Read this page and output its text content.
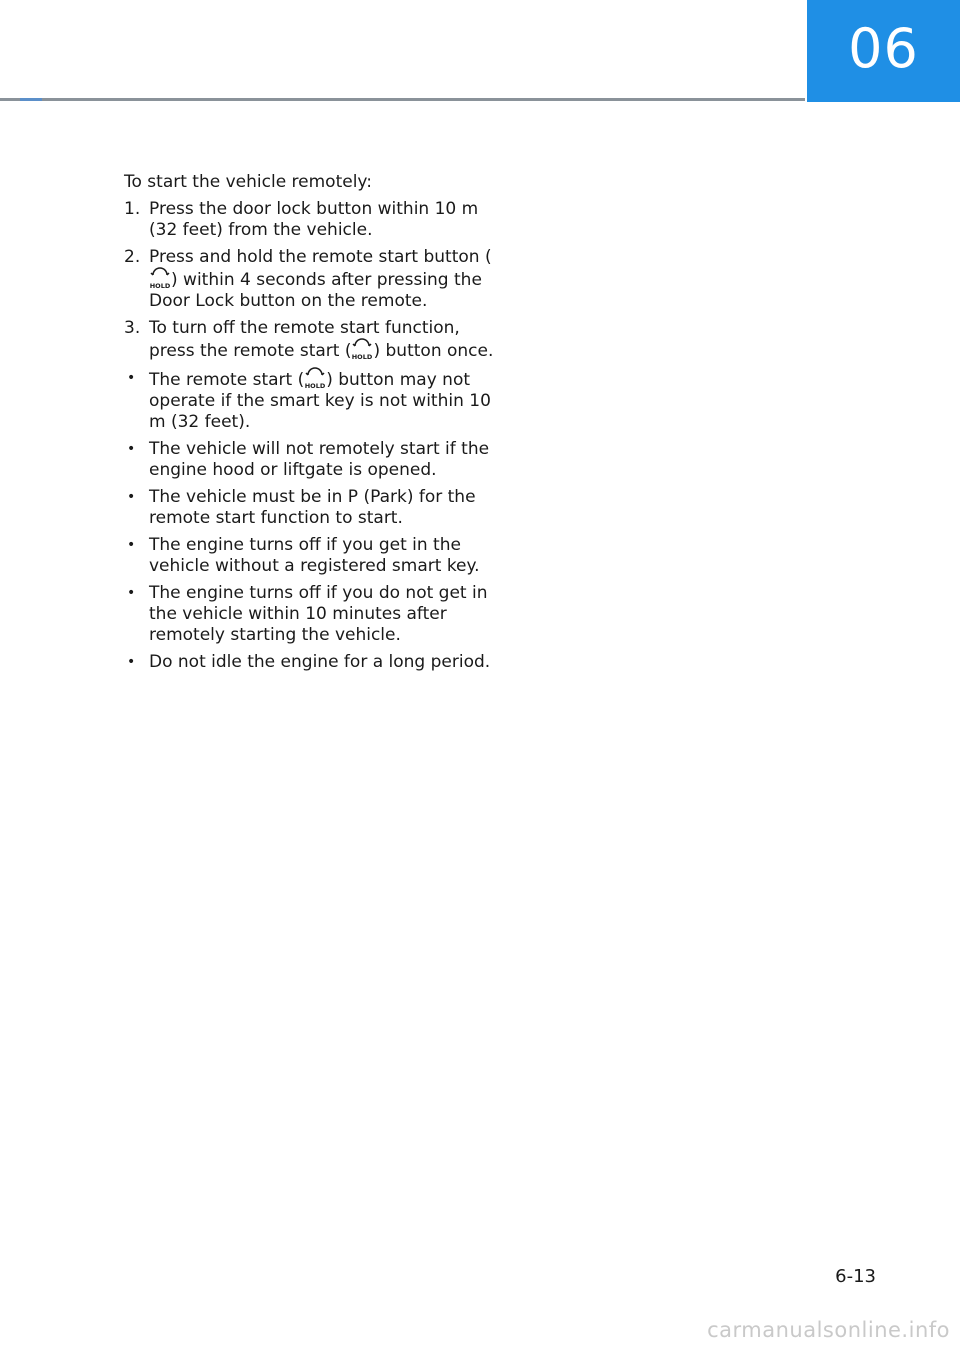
06

To start the vehicle remotely:

1. Press the door lock button within 10 m (32 feet) from the vehicle.
2. Press and hold the remote start button (
HOLD ) within 4 seconds after pressing the Door Lock button on the remote.
3. To turn off the remote start function, press the remote start ( HOLD ) button once.
• The remote start ( HOLD ) button may not operate if the smart key is not within 10 m (32 feet).
• The vehicle will not remotely start if the engine hood or liftgate is opened.
• The vehicle must be in P (Park) for the remote start function to start.
• The engine turns off if you get in the vehicle without a registered smart key.
• The engine turns off if you do not get in the vehicle within 10 minutes after remotely starting the vehicle.
• Do not idle the engine for a long period.
6-13
carmanualsonline.info
